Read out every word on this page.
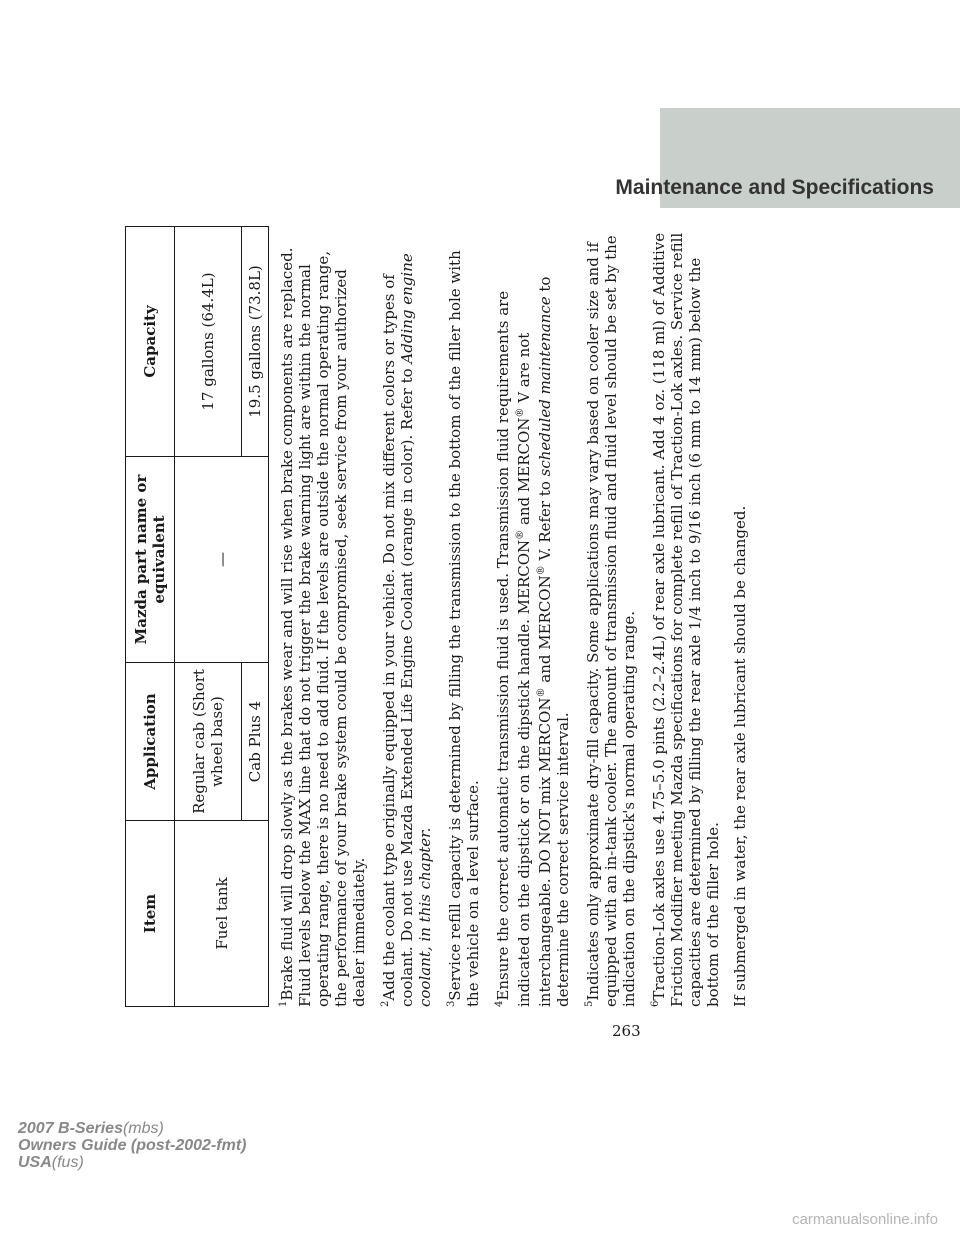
Maintenance and Specifications
Item	Application	Mazda part name or equivalent	Capacity
Fuel tank	Regular cab (Short wheel base)	—	17 gallons (64.4L)
	Cab Plus 4		19.5 gallons (73.8L)

$^1$Brake fluid will drop slowly as the brakes wear and will rise when brake components are replaced. Fluid levels below the MAX line that do not trigger the brake warning light are within the normal operating range, there is no need to add fluid. If the levels are outside the normal operating range, the performance of your brake system could be compromised, seek service from your authorized dealer immediately.	$^2$Add the coolant type originally equipped in your vehicle. Do not mix different colors or types of coolant. Do not use Mazda Extended Life Engine Coolant (orange in color). Refer to Adding engine coolant, in this chapter.

$^3$Service refill capacity is determined by filling the transmission to the bottom of the filler hole with the vehicle on a level surface.	$^4$Ensure the correct automatic transmission fluid is used. Transmission fluid requirements are indicated on the dipstick or on the dipstick handle. MERCON® and MERCON® V are not interchangeable. DO NOT mix MERCON® and MERCON® V. Refer to scheduled maintenance to determine the correct service interval.	$^5$Indicates only approximate dry-fill capacity. Some applications may vary based on cooler size and if equipped with an in-tank cooler. The amount of transmission fluid and fluid level should be set by the indication on the dipstick's normal operating range.	$^6$Traction-Lok axles use 4.75–5.0 pints (2.2–2.4L) of rear axle lubricant. Add 4 oz. (118 ml) of Additive Friction Modifier meeting Mazda specifications for complete refill of Traction-Lok axles. Service refill capacities are determined by filling the rear axle 1/4 inch to 9/16 inch (6 mm to 14 mm) below the bottom of the filler hole. If submerged in water, the rear axle lubricant should be changed.

263

2007 B-Series(mbs)
Owners Guide (post-2002-fmt)
USA(fus)
carmanualsonline.info
